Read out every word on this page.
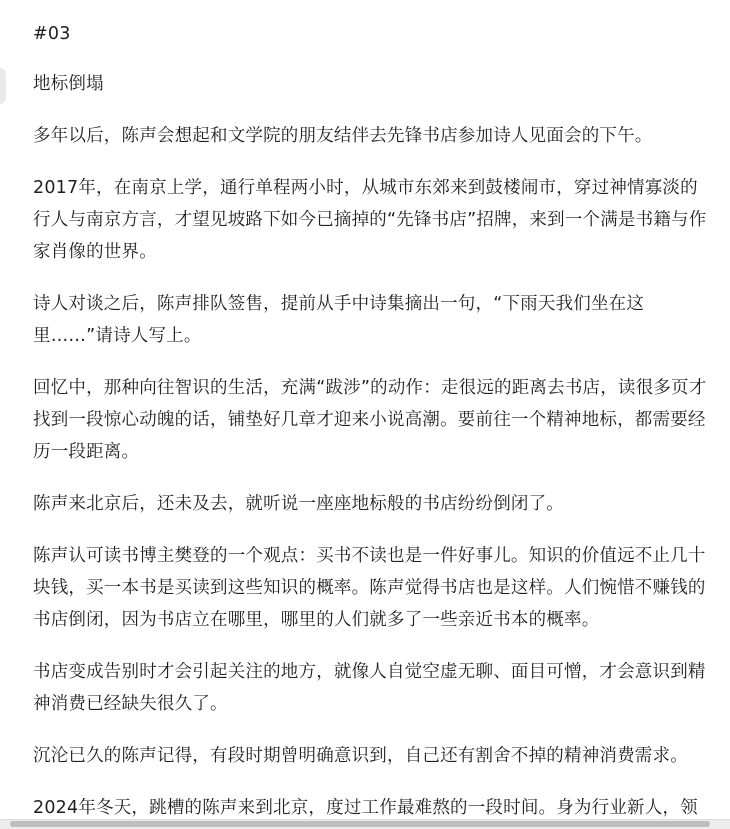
#03
地标倒塌
多年以后，陈声会想起和文学院的朋友结伴去先锋书店参加诗人见面会的下午。
2017年，在南京上学，通行单程两小时，从城市东郊来到鼓楼闹市，穿过神情寡淡的行人与南京方言，才望见坡路下如今已摘掉的“先锋书店”招牌，来到一个满是书籍与作家肖像的世界。
诗人对谈之后，陈声排队签售，提前从手中诗集摘出一句，“下雨天我们坐在这里……”请诗人写上。
回忆中，那种向往智识的生活，充满“跋涉”的动作：走很远的距离去书店，读很多页才找到一段惊心动魄的话，铺垫好几章才迎来小说高潮。要前往一个精神地标，都需要经历一段距离。
陈声来北京后，还未及去，就听说一座座地标般的书店纷纷倒闭了。
陈声认可读书博主樊登的一个观点：买书不读也是一件好事儿。知识的价值远不止几十块钱，买一本书是买读到这些知识的概率。陈声觉得书店也是这样。人们惋惜不赚钱的书店倒闭，因为书店立在哪里，哪里的人们就多了一些亲近书本的概率。
书店变成告别时才会引起关注的地方，就像人自觉空虚无聊、面目可憎，才会意识到精神消费已经缺失很久了。
沉沦已久的陈声记得，有段时期曾明确意识到，自己还有割舍不掉的精神消费需求。
2024年冬天，跳槽的陈声来到北京，度过工作最难熬的一段时间。身为行业新人，领
